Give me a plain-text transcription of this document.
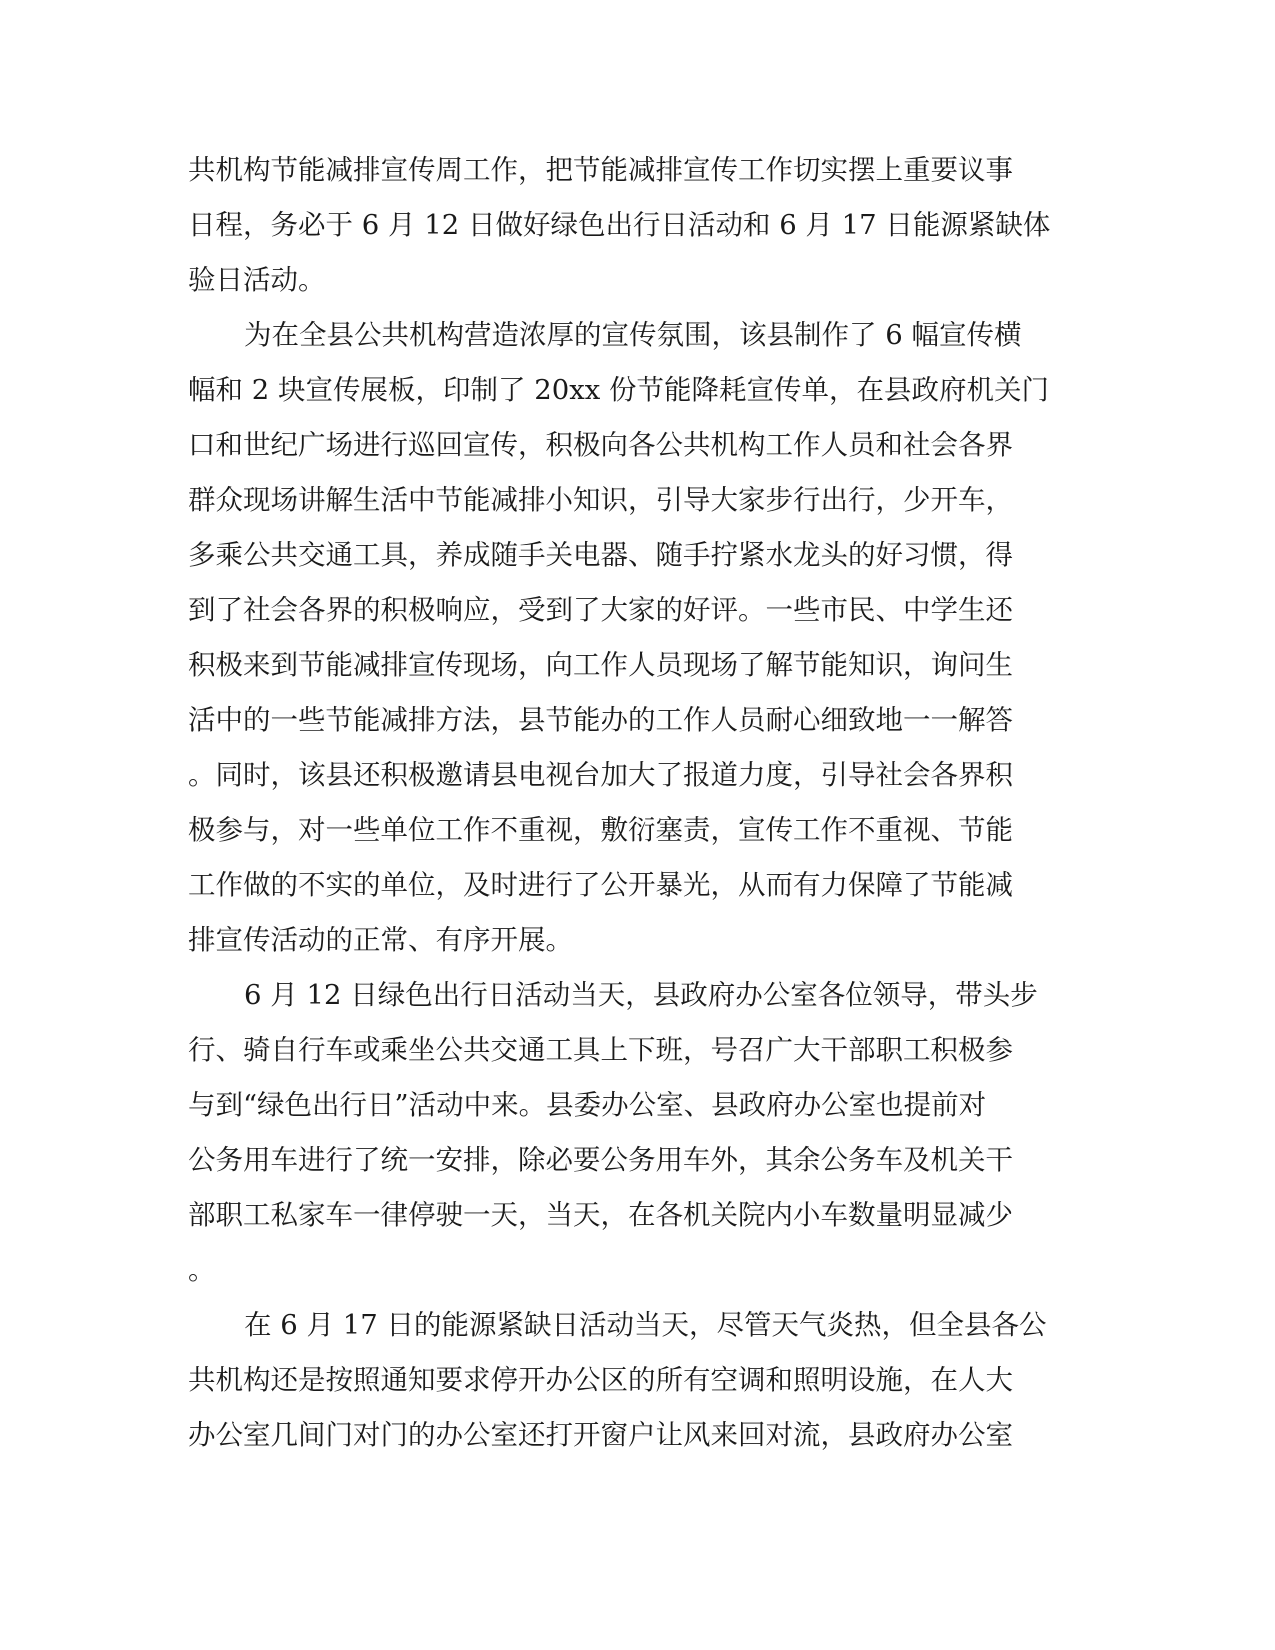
共机构节能减排宣传周工作，把节能减排宣传工作切实摆上重要议事
日程，务必于 6 月 12 日做好绿色出行日活动和 6 月 17 日能源紧缺体
验日活动。
为在全县公共机构营造浓厚的宣传氛围，该县制作了 6 幅宣传横
幅和 2 块宣传展板，印制了 20xx 份节能降耗宣传单，在县政府机关门
口和世纪广场进行巡回宣传，积极向各公共机构工作人员和社会各界
群众现场讲解生活中节能减排小知识，引导大家步行出行，少开车，
多乘公共交通工具，养成随手关电器、随手拧紧水龙头的好习惯，得
到了社会各界的积极响应，受到了大家的好评。一些市民、中学生还
积极来到节能减排宣传现场，向工作人员现场了解节能知识，询问生
活中的一些节能减排方法，县节能办的工作人员耐心细致地一一解答
。同时，该县还积极邀请县电视台加大了报道力度，引导社会各界积
极参与，对一些单位工作不重视，敷衍塞责，宣传工作不重视、节能
工作做的不实的单位，及时进行了公开暴光，从而有力保障了节能减
排宣传活动的正常、有序开展。
6 月 12 日绿色出行日活动当天，县政府办公室各位领导，带头步
行、骑自行车或乘坐公共交通工具上下班，号召广大干部职工积极参
与到“绿色出行日”活动中来。县委办公室、县政府办公室也提前对
公务用车进行了统一安排，除必要公务用车外，其余公务车及机关干
部职工私家车一律停驶一天，当天，在各机关院内小车数量明显减少
。
在 6 月 17 日的能源紧缺日活动当天，尽管天气炎热，但全县各公
共机构还是按照通知要求停开办公区的所有空调和照明设施，在人大
办公室几间门对门的办公室还打开窗户让风来回对流，县政府办公室
